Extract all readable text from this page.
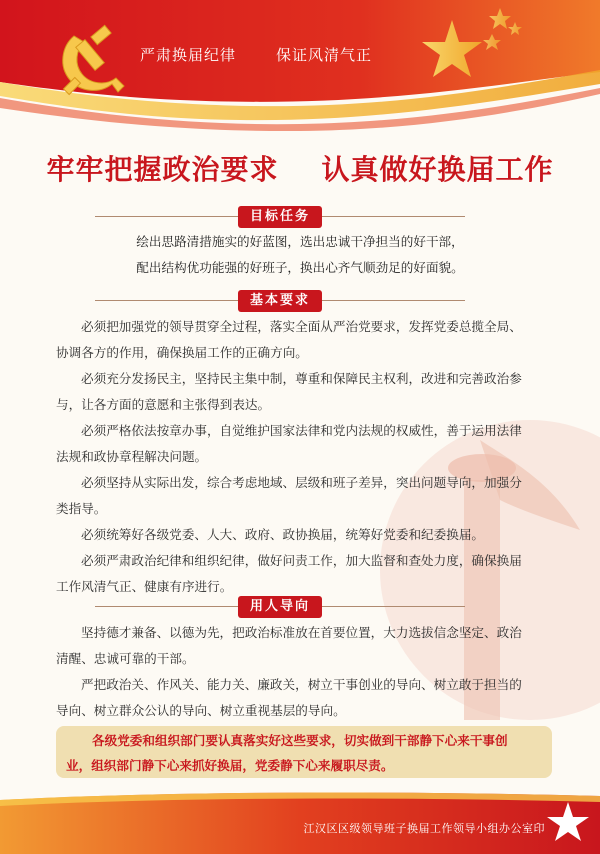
严肃换届纪律	保证风清气正
牢牢把握政治要求    认真做好换届工作
目标任务
绘出思路清措施实的好蓝图，选出忠诚干净担当的好干部，
配出结构优功能强的好班子，换出心齐气顺劲足的好面貌。
基本要求
必须把加强党的领导贯穿全过程，落实全面从严治党要求，发挥党委总揽全局、
协调各方的作用，确保换届工作的正确方向。
必须充分发扬民主，坚持民主集中制，尊重和保障民主权利，改进和完善政治参
与，让各方面的意愿和主张得到表达。
必须严格依法按章办事，自觉维护国家法律和党内法规的权威性，善于运用法律
法规和政协章程解决问题。
必须坚持从实际出发，综合考虑地域、层级和班子差异，突出问题导向，加强分
类指导。
必须统筹好各级党委、人大、政府、政协换届，统筹好党委和纪委换届。
必须严肃政治纪律和组织纪律，做好问责工作，加大监督和查处力度，确保换届
工作风清气正、健康有序进行。
用人导向
坚持德才兼备、以德为先，把政治标准放在首要位置，大力选拔信念坚定、政治
清醒、忠诚可靠的干部。
严把政治关、作风关、能力关、廉政关，树立干事创业的导向、树立敢于担当的
导向、树立群众公认的导向、树立重视基层的导向。
各级党委和组织部门要认真落实好这些要求，切实做到干部静下心来干事创
业，组织部门静下心来抓好换届，党委静下心来履职尽责。
江汉区区级领导班子换届工作领导小组办公室印
